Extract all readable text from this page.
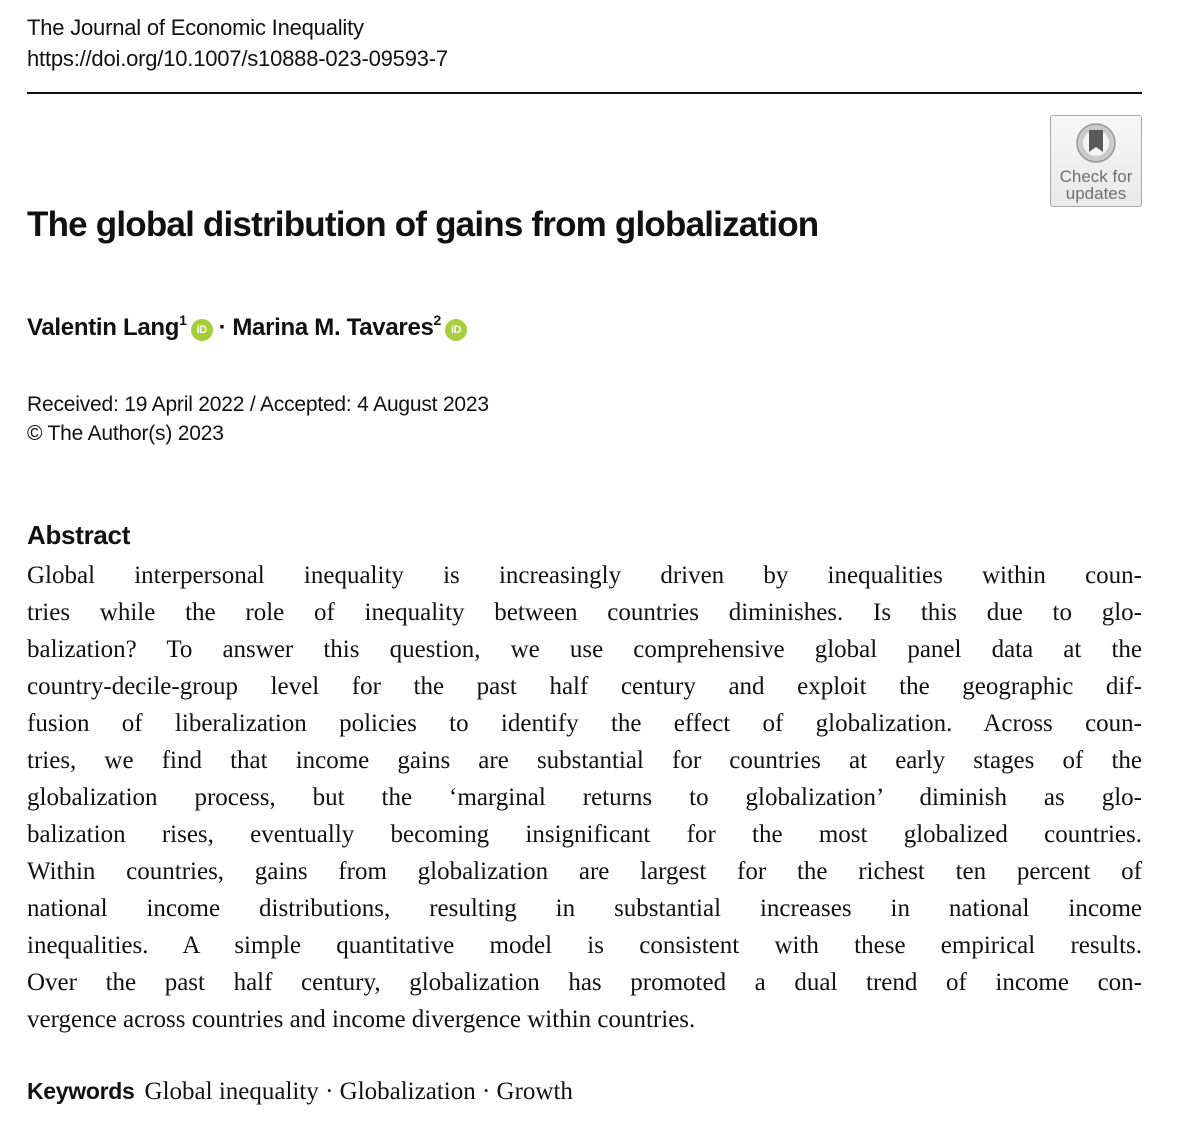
The Journal of Economic Inequality
https://doi.org/10.1007/s10888-023-09593-7
Check for
updates
The global distribution of gains from globalization
Valentin Lang$^1$iD · Marina M. Tavares$^2$iD
Received: 19 April 2022 / Accepted: 4 August 2023
© The Author(s) 2023
Abstract
Global interpersonal inequality is increasingly driven by inequalities within coun-
tries while the role of inequality between countries diminishes. Is this due to glo-
balization? To answer this question, we use comprehensive global panel data at the
country-decile-group level for the past half century and exploit the geographic dif-
fusion of liberalization policies to identify the effect of globalization. Across coun-
tries, we find that income gains are substantial for countries at early stages of the
globalization process, but the ‘marginal returns to globalization’ diminish as glo-
balization rises, eventually becoming insignificant for the most globalized countries.
Within countries, gains from globalization are largest for the richest ten percent of
national income distributions, resulting in substantial increases in national income
inequalities. A simple quantitative model is consistent with these empirical results.
Over the past half century, globalization has promoted a dual trend of income con-
vergence across countries and income divergence within countries.
Keywords Global inequality · Globalization · Growth
